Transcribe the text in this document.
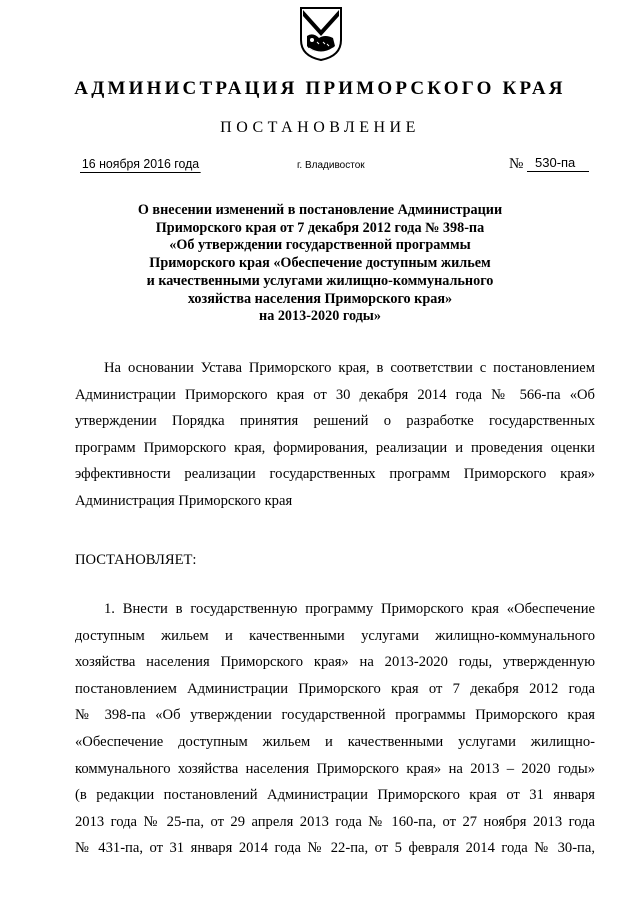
АДМИНИСТРАЦИЯ ПРИМОРСКОГО КРАЯ
ПОСТАНОВЛЕНИЕ
16 ноября 2016 года	г. Владивосток	№ 530-па
О внесении изменений в постановление Администрации
Приморского края от 7 декабря 2012 года № 398-па
«Об утверждении государственной программы
Приморского края «Обеспечение доступным жильем
и качественными услугами жилищно-коммунального
хозяйства населения Приморского края»
на 2013-2020 годы»
На основании Устава Приморского края, в соответствии с постановлением
Администрации Приморского края от 30 декабря 2014 года № 566-па «Об
утверждении Порядка принятия решений о разработке государственных
программ Приморского края, формирования, реализации и проведения оценки
эффективности реализации государственных программ Приморского края»
Администрация Приморского края
ПОСТАНОВЛЯЕТ:
1. Внести в государственную программу Приморского края «Обеспечение
доступным жильем и качественными услугами жилищно-коммунального
хозяйства населения Приморского края» на 2013-2020 годы, утвержденную
постановлением Администрации Приморского края от 7 декабря 2012 года
№ 398-па «Об утверждении государственной программы Приморского края
«Обеспечение доступным жильем и качественными услугами жилищно-
коммунального хозяйства населения Приморского края» на 2013 – 2020 годы»
(в редакции постановлений Администрации Приморского края от 31 января
2013 года № 25-па, от 29 апреля 2013 года № 160-па, от 27 ноября 2013 года
№ 431-па, от 31 января 2014 года № 22-па, от 5 февраля 2014 года № 30-па,
